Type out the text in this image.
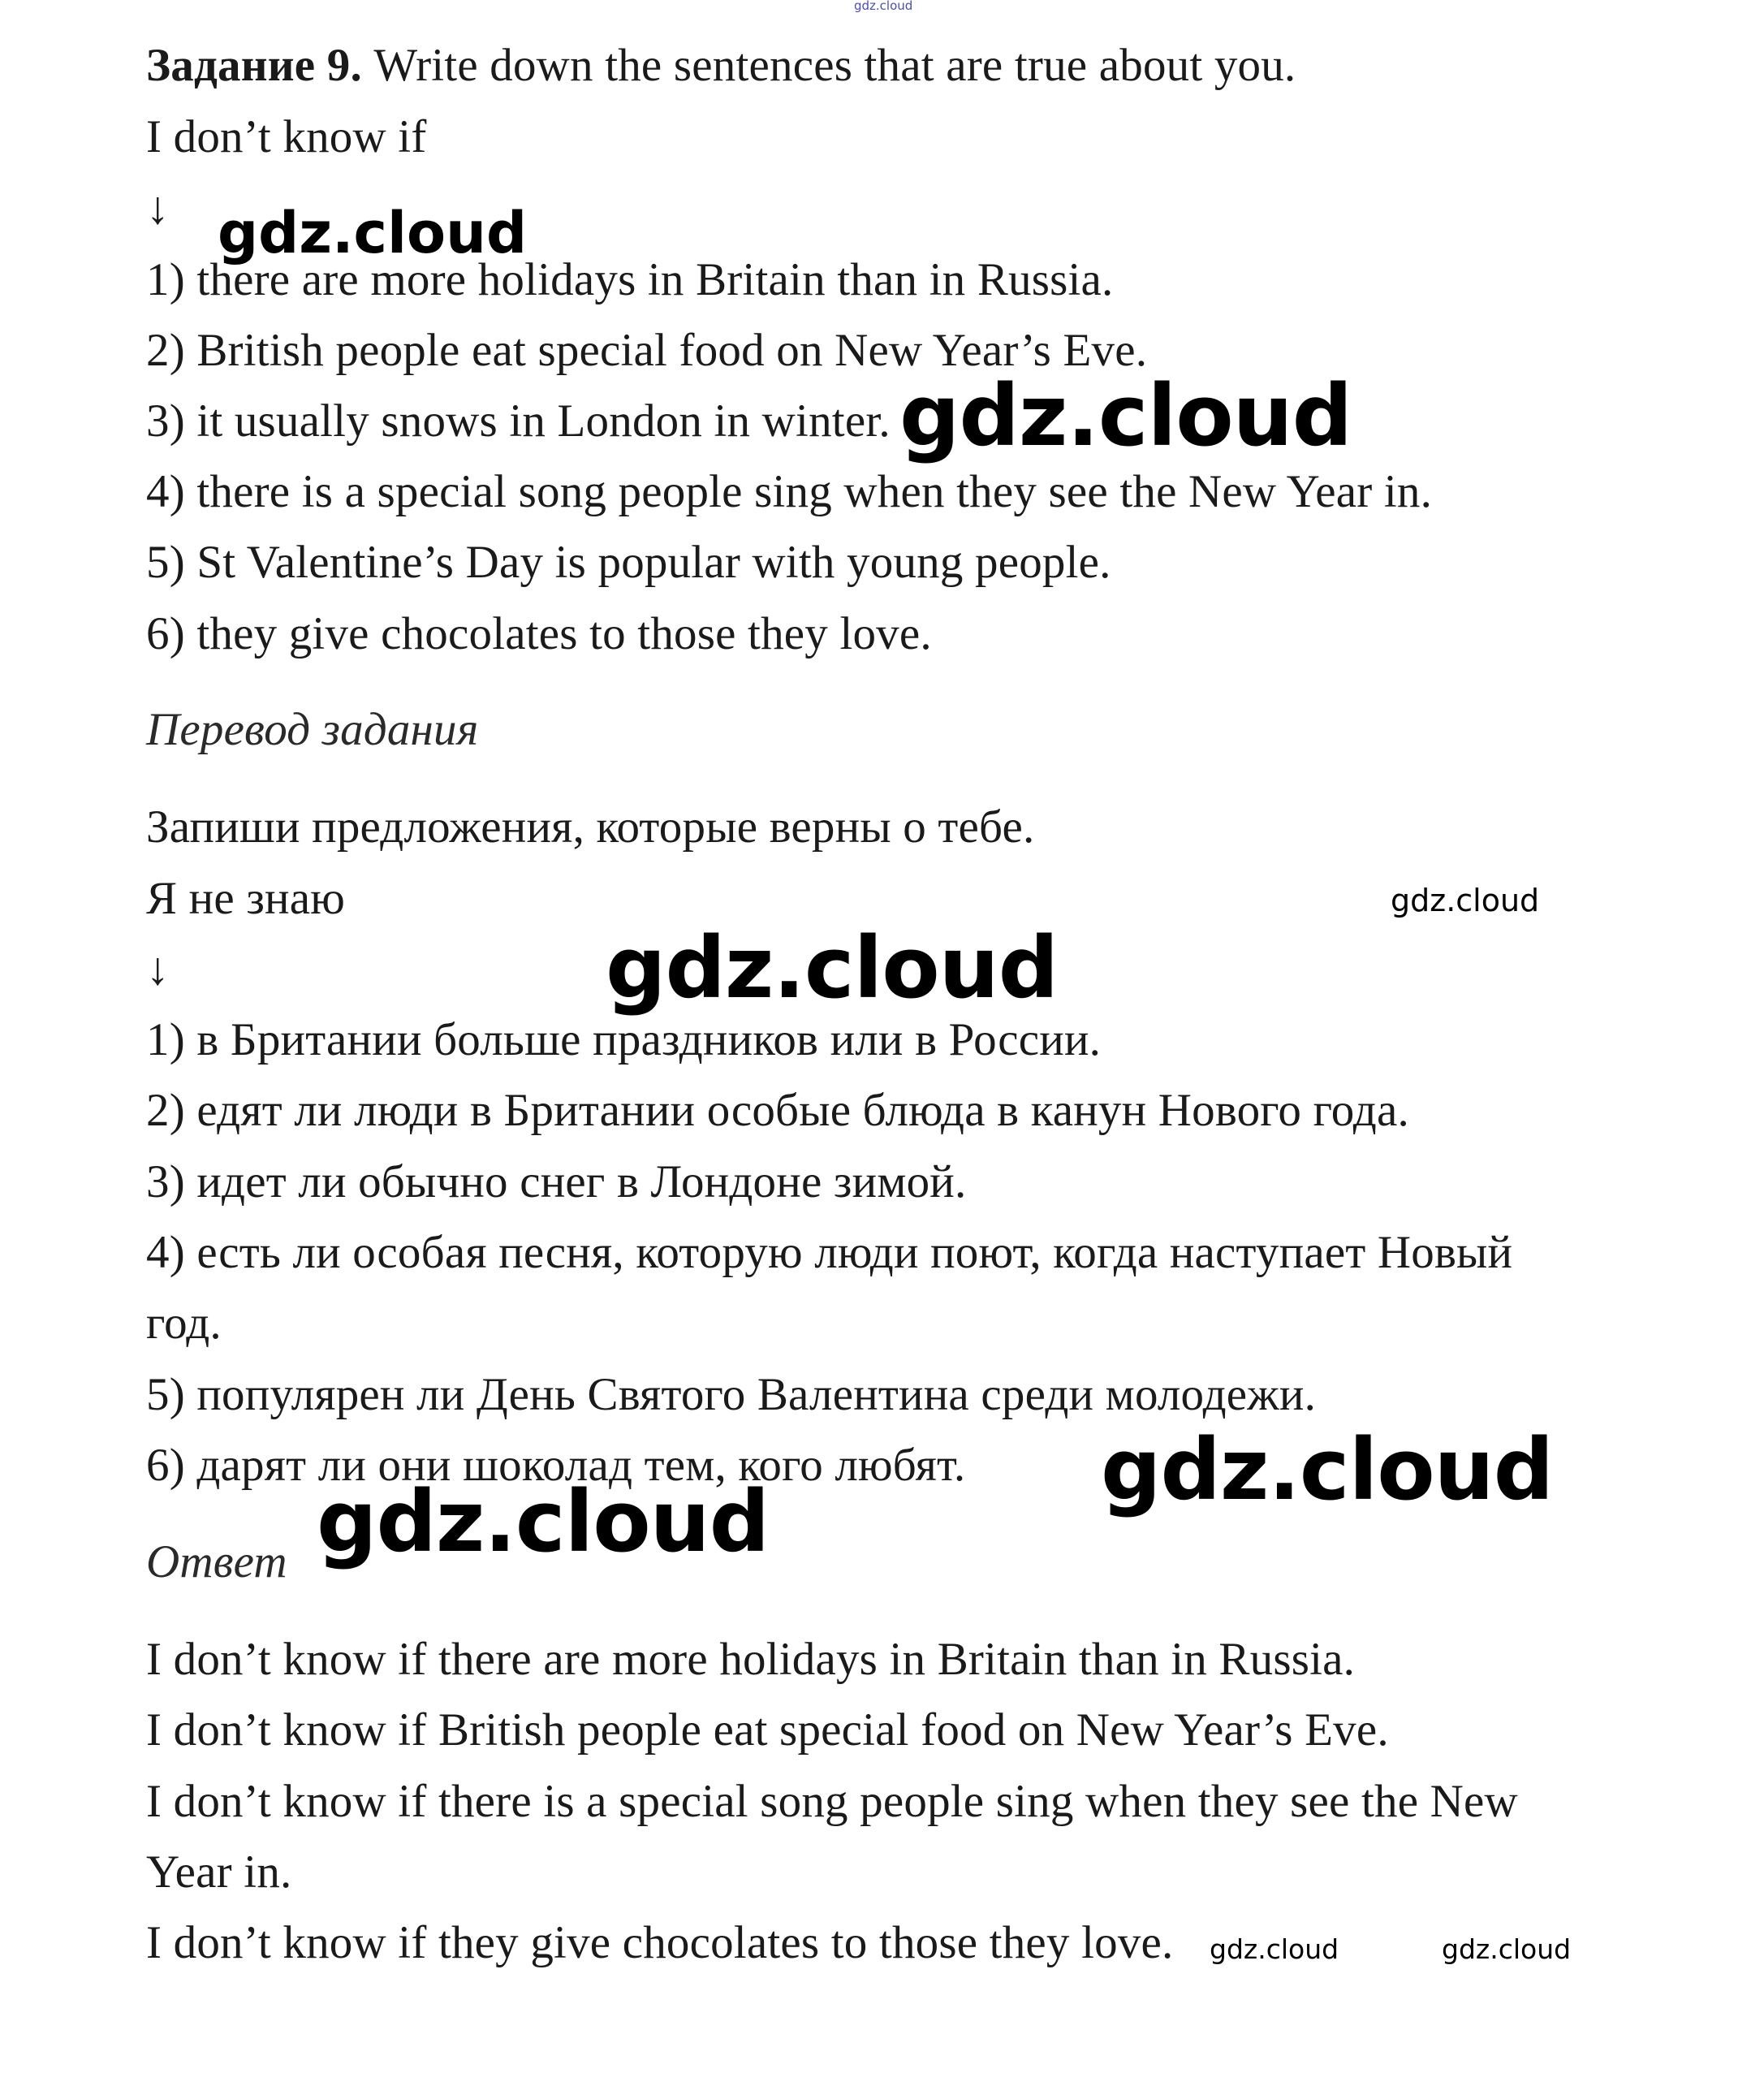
Задание 9. Write down the sentences that are true about you.
I don’t know if
↓
1) there are more holidays in Britain than in Russia.
2) British people eat special food on New Year’s Eve.
3) it usually snows in London in winter.
4) there is a special song people sing when they see the New Year in.
5) St Valentine’s Day is popular with young people.
6) they give chocolates to those they love.
Перевод задания
Запиши предложения, которые верны о тебе.
Я не знаю
↓
1) в Британии больше праздников или в России.
2) едят ли люди в Британии особые блюда в канун Нового года.
3) идет ли обычно снег в Лондоне зимой.
4) есть ли особая песня, которую люди поют, когда наступает Новый
год.
5) популярен ли День Святого Валентина среди молодежи.
6) дарят ли они шоколад тем, кого любят.
Ответ
I don’t know if there are more holidays in Britain than in Russia.
I don’t know if British people eat special food on New Year’s Eve.
I don’t know if there is a special song people sing when they see the New
Year in.
I don’t know if they give chocolates to those they love.
gdz.cloud
gdz.cloud
gdz.cloud
gdz.cloud
gdz.cloud
gdz.cloud
gdz.cloud
gdz.cloud	gdz.cloud
